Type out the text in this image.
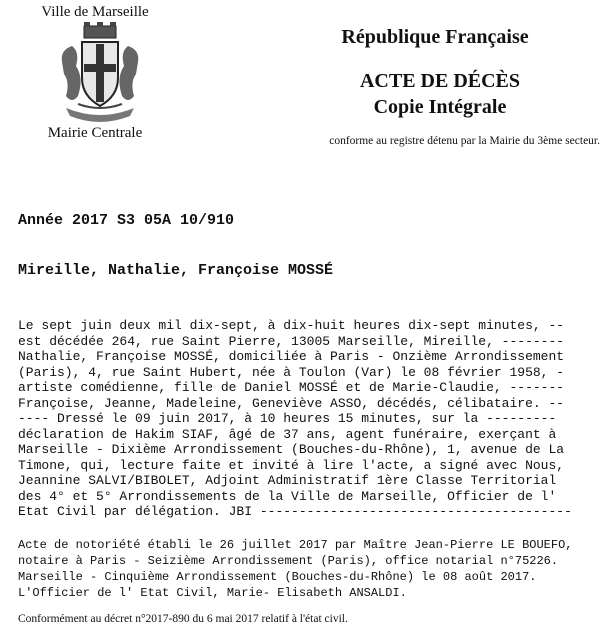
Ville de Marseille
Mairie Centrale
République Française
ACTE DE DÉCÈS
Copie Intégrale
conforme au registre détenu par la Mairie du 3ème secteur.
Année 2017 S3 05A 10/910
Mireille, Nathalie, Françoise MOSSÉ
Le sept juin deux mil dix-sept, à dix-huit heures dix-sept minutes, --
est décédée 264, rue Saint Pierre, 13005 Marseille, Mireille, --------
Nathalie, Françoise MOSSÉ, domiciliée à Paris - Onzième Arrondissement
(Paris), 4, rue Saint Hubert, née à Toulon (Var) le 08 février 1958, -
artiste comédienne, fille de Daniel MOSSÉ et de Marie-Claudie, -------
Françoise, Jeanne, Madeleine, Geneviève ASSO, décédés, célibataire. --
---- Dressé le 09 juin 2017, à 10 heures 15 minutes, sur la ---------
déclaration de Hakim SIAF, âgé de 37 ans, agent funéraire, exerçant à
Marseille - Dixième Arrondissement (Bouches-du-Rhône), 1, avenue de La
Timone, qui, lecture faite et invité à lire l'acte, a signé avec Nous,
Jeannine SALVI/BIBOLET, Adjoint Administratif 1ère Classe Territorial
des 4° et 5° Arrondissements de la Ville de Marseille, Officier de l'
Etat Civil par délégation. JBI ----------------------------------------
Acte de notoriété établi le 26 juillet 2017 par Maître Jean-Pierre LE BOUEFO,
notaire à Paris - Seizième Arrondissement (Paris), office notarial n°75226.
Marseille - Cinquième Arrondissement (Bouches-du-Rhône) le 08 août 2017.
L'Officier de l' Etat Civil, Marie- Elisabeth ANSALDI.
Conformément au décret n°2017-890 du 6 mai 2017 relatif à l'état civil.
